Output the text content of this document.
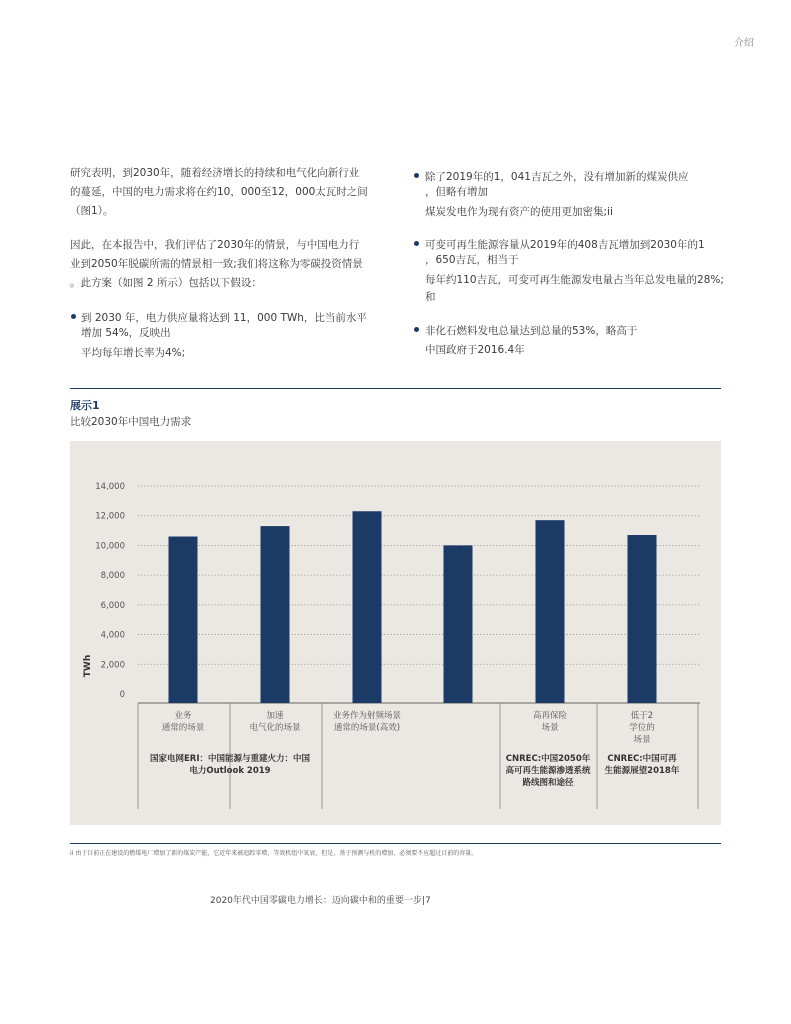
介绍
研究表明，到2030年，随着经济增长的持续和电气化向新行业
的蔓延，中国的电力需求将在约10，000至12，000太瓦时之间
（图1）。
因此，在本报告中，我们评估了2030年的情景，与中国电力行
业到2050年脱碳所需的情景相一致;我们将这称为零碳投资情景
。此方案（如图 2 所示）包括以下假设：
到 2030 年，电力供应量将达到 11，000 TWh，比当前水平
增加 54%，反映出
平均每年增长率为4%;
除了2019年的1，041吉瓦之外，没有增加新的煤炭供应
，但略有增加
煤炭发电作为现有资产的使用更加密集;ii
可变可再生能源容量从2019年的408吉瓦增加到2030年的1
，650吉瓦，相当于
每年约110吉瓦，可变可再生能源发电量占当年总发电量的28%;
和
非化石燃料发电总量达到总量的53%，略高于
中国政府于2016.4年
展示1
比较2030年中国电力需求
0
2,000
4,000
6,000
8,000
10,000
12,000
14,000
TWh
业务
通常的场景
加速
电气化的场景
业务作为射频场景
通常的场景(高效)
高再保险
场景
低于2
学位的
场景
国家电网ERI：中国能源与重建火力：中国
电力Outlook 2019
CNREC:中国2050年
高可再生能源渗透系统
路线图和途径
CNREC:中国可再
生能源展望2018年
ii 由于目前正在建设的燃煤电厂增加了新的煤炭产能，它近年来被追踪零增，等效机组中氧衰，但是，基于预测与机的增加，必须要不应超过目前的容量。
2020年代中国零碳电力增长：迈向碳中和的重要一步|7
